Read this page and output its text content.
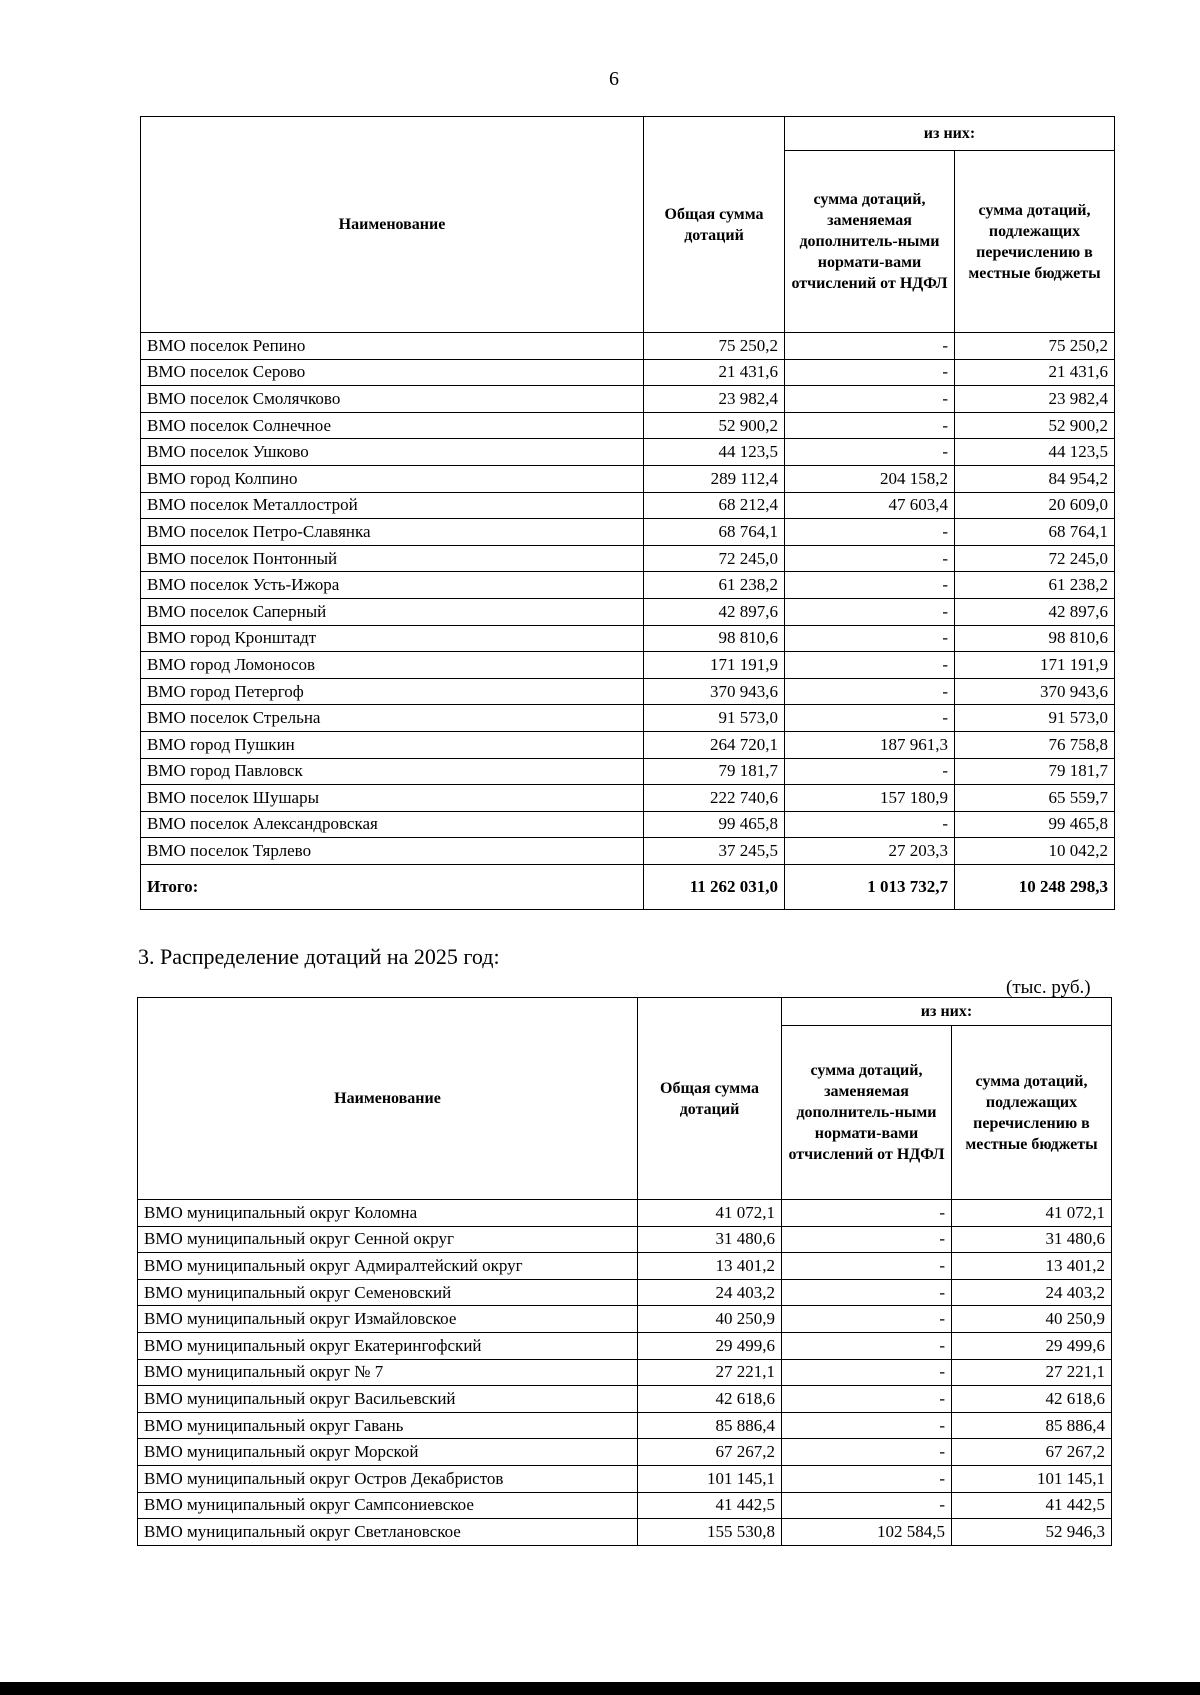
6
Наименование	Общая сумма дотаций	из них:	
		сумма дотаций, заменяемая дополнитель-ными нормати-вами отчислений от НДФЛ	сумма дотаций, подлежащих перечислению в местные бюджеты
ВМО поселок Репино	75 250,2	-	75 250,2
ВМО поселок Серово	21 431,6	-	21 431,6
ВМО поселок Смолячково	23 982,4	-	23 982,4
ВМО поселок Солнечное	52 900,2	-	52 900,2
ВМО поселок Ушково	44 123,5	-	44 123,5
ВМО город Колпино	289 112,4	204 158,2	84 954,2
ВМО поселок Металлострой	68 212,4	47 603,4	20 609,0
ВМО поселок Петро-Славянка	68 764,1	-	68 764,1
ВМО поселок Понтонный	72 245,0	-	72 245,0
ВМО поселок Усть-Ижора	61 238,2	-	61 238,2
ВМО поселок Саперный	42 897,6	-	42 897,6
ВМО город Кронштадт	98 810,6	-	98 810,6
ВМО город Ломоносов	171 191,9	-	171 191,9
ВМО город Петергоф	370 943,6	-	370 943,6
ВМО поселок Стрельна	91 573,0	-	91 573,0
ВМО город Пушкин	264 720,1	187 961,3	76 758,8
ВМО город Павловск	79 181,7	-	79 181,7
ВМО поселок Шушары	222 740,6	157 180,9	65 559,7
ВМО поселок Александровская	99 465,8	-	99 465,8
ВМО поселок Тярлево	37 245,5	27 203,3	10 042,2
Итого:	11 262 031,0	1 013 732,7	10 248 298,3
3. Распределение дотаций на 2025 год:
(тыс. руб.)
Наименование	Общая сумма дотаций	из них:	
		сумма дотаций, заменяемая дополнитель-ными нормати-вами отчислений от НДФЛ	сумма дотаций, подлежащих перечислению в местные бюджеты
ВМО муниципальный округ Коломна	41 072,1	-	41 072,1
ВМО муниципальный округ Сенной округ	31 480,6	-	31 480,6
ВМО муниципальный округ Адмиралтейский округ	13 401,2	-	13 401,2
ВМО муниципальный округ Семеновский	24 403,2	-	24 403,2
ВМО муниципальный округ Измайловское	40 250,9	-	40 250,9
ВМО муниципальный округ Екатерингофский	29 499,6	-	29 499,6
ВМО муниципальный округ № 7	27 221,1	-	27 221,1
ВМО муниципальный округ Васильевский	42 618,6	-	42 618,6
ВМО муниципальный округ Гавань	85 886,4	-	85 886,4
ВМО муниципальный округ Морской	67 267,2	-	67 267,2
ВМО муниципальный округ Остров Декабристов	101 145,1	-	101 145,1
ВМО муниципальный округ Сампсониевское	41 442,5	-	41 442,5
ВМО муниципальный округ Светлановское	155 530,8	102 584,5	52 946,3
